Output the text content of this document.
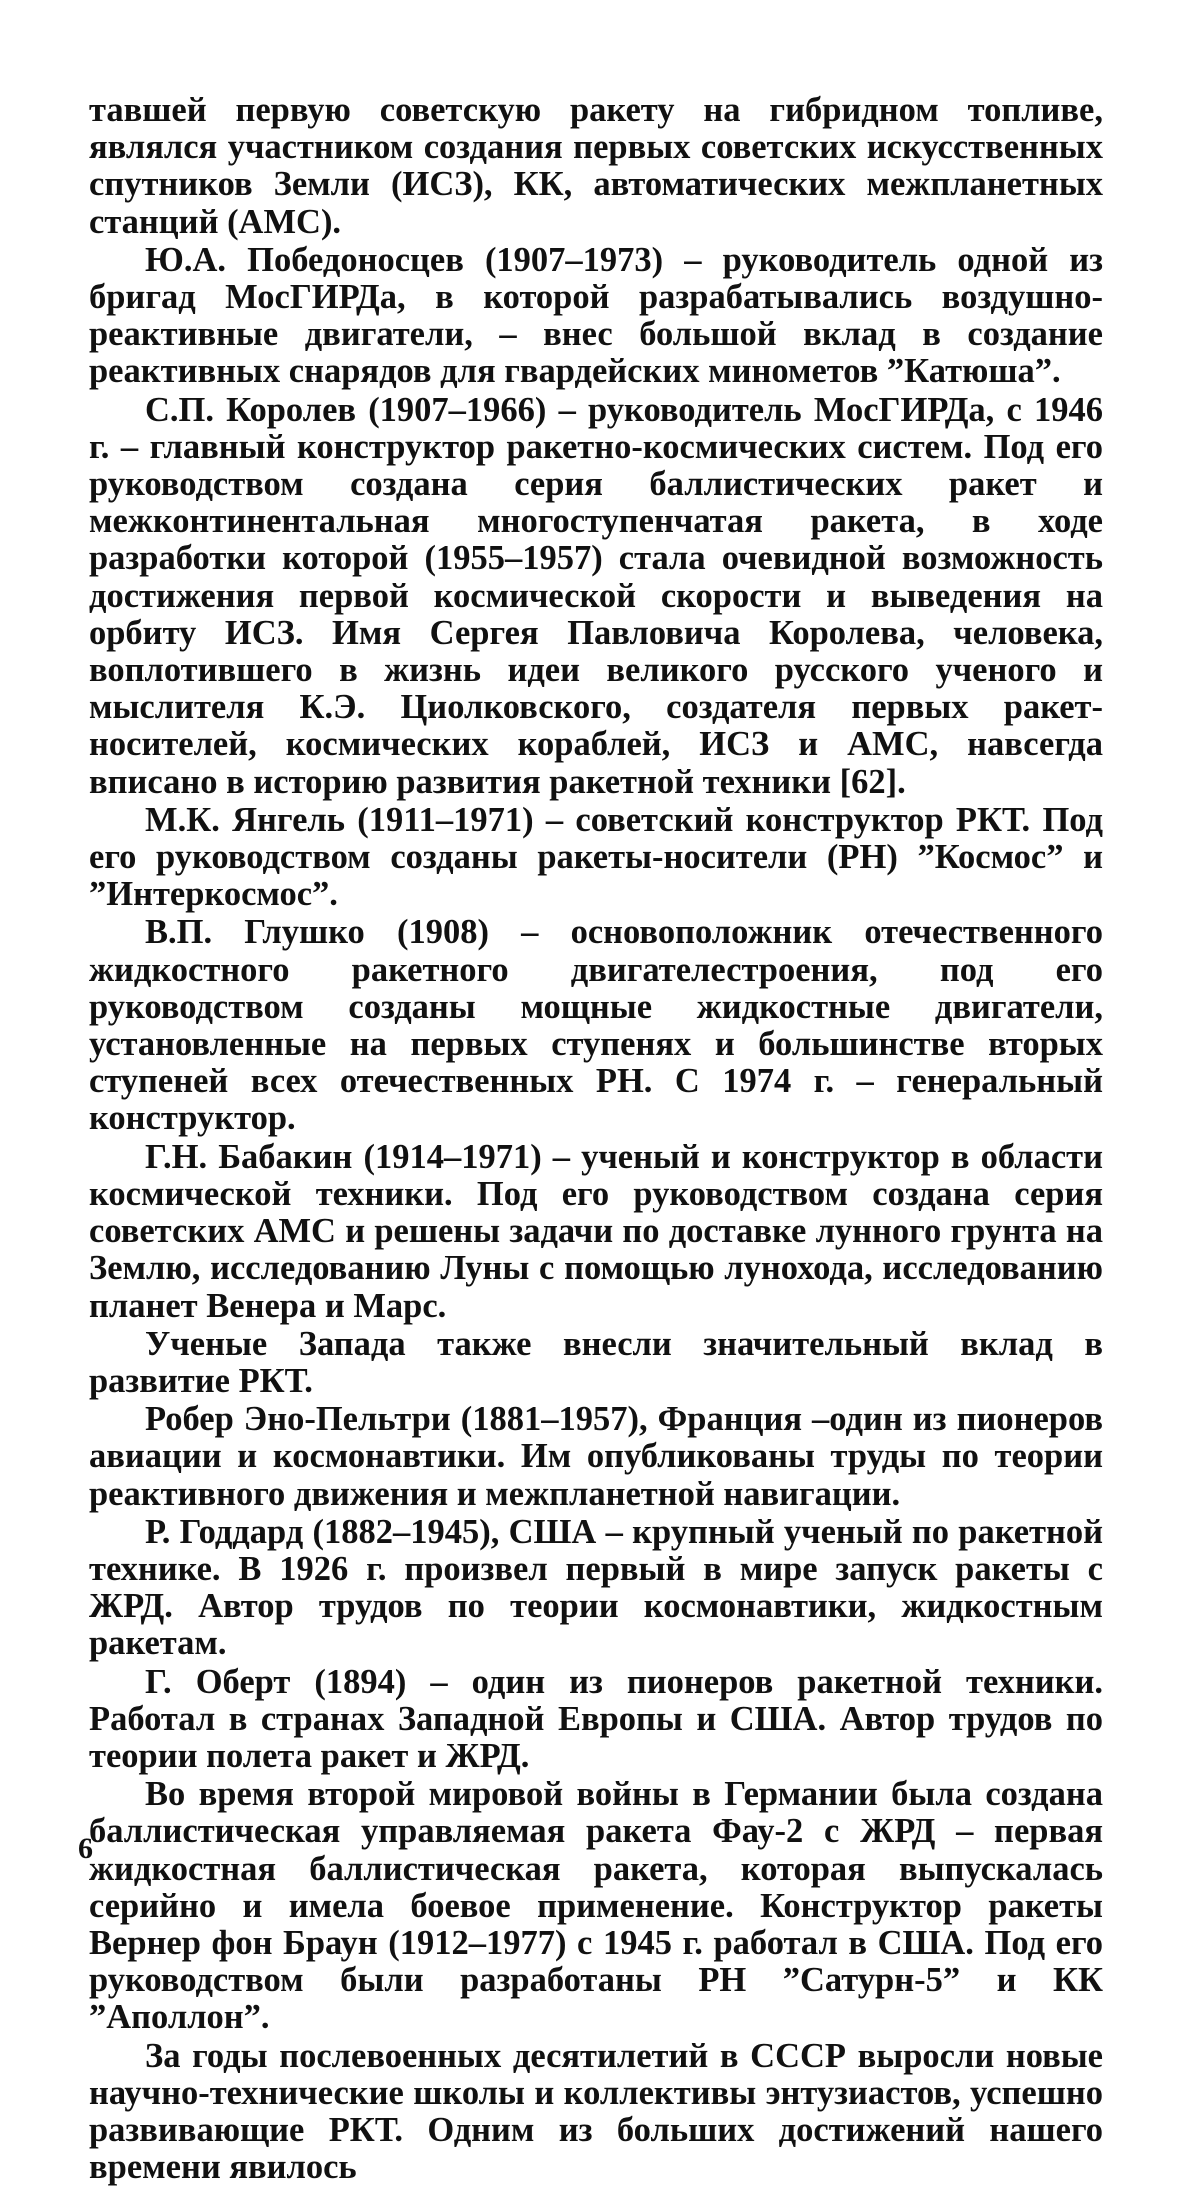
тавшей первую советскую ракету на гибридном топливе, являлся участником создания первых советских искусственных спутников Земли (ИСЗ), КК, автоматических межпланетных станций (АМС).

Ю.А. Победоносцев (1907–1973) – руководитель одной из бригад МосГИРДа, в которой разрабатывались воздушно-реактивные двигатели, – внес большой вклад в создание реактивных снарядов для гвардейских минометов ”Катюша”.

С.П. Королев (1907–1966) – руководитель МосГИРДа, с 1946 г. – главный конструктор ракетно-космических систем. Под его руководством создана серия баллистических ракет и межконтинентальная многоступенчатая ракета, в ходе разработки которой (1955–1957) стала очевидной возможность достижения первой космической скорости и выведения на орбиту ИСЗ. Имя Сергея Павловича Королева, человека, воплотившего в жизнь идеи великого русского ученого и мыслителя К.Э. Циолковского, создателя первых ракет-носителей, космических кораблей, ИСЗ и АМС, навсегда вписано в историю развития ракетной техники [62].

М.К. Янгель (1911–1971) – советский конструктор РКТ. Под его руководством созданы ракеты-носители (РН) ”Космос” и ”Интеркосмос”.

В.П. Глушко (1908) – основоположник отечественного жидкостного ракетного двигателестроения, под его руководством созданы мощные жидкостные двигатели, установленные на первых ступенях и большинстве вторых ступеней всех отечественных РН. С 1974 г. – генеральный конструктор.

Г.Н. Бабакин (1914–1971) – ученый и конструктор в области космической техники. Под его руководством создана серия советских АМС и решены задачи по доставке лунного грунта на Землю, исследованию Луны с помощью лунохода, исследованию планет Венера и Марс.

Ученые Запада также внесли значительный вклад в развитие РКТ.

Робер Эно-Пельтри (1881–1957), Франция –один из пионеров авиации и космонавтики. Им опубликованы труды по теории реактивного движения и межпланетной навигации.

Р. Годдард (1882–1945), США – крупный ученый по ракетной технике. В 1926 г. произвел первый в мире запуск ракеты с ЖРД. Автор трудов по теории космонавтики, жидкостным ракетам.

Г. Оберт (1894) – один из пионеров ракетной техники. Работал в странах Западной Европы и США. Автор трудов по теории полета ракет и ЖРД.

Во время второй мировой войны в Германии была создана баллистическая управляемая ракета Фау-2 с ЖРД – первая жидкостная баллистическая ракета, которая выпускалась серийно и имела боевое применение. Конструктор ракеты Вернер фон Браун (1912–1977) с 1945 г. работал в США. Под его руководством были разработаны РН ”Сатурн-5” и КК ”Аполлон”.

За годы послевоенных десятилетий в СССР выросли новые научно-технические школы и коллективы энтузиастов, успешно развивающие РКТ. Одним из больших достижений нашего времени явилось

6
